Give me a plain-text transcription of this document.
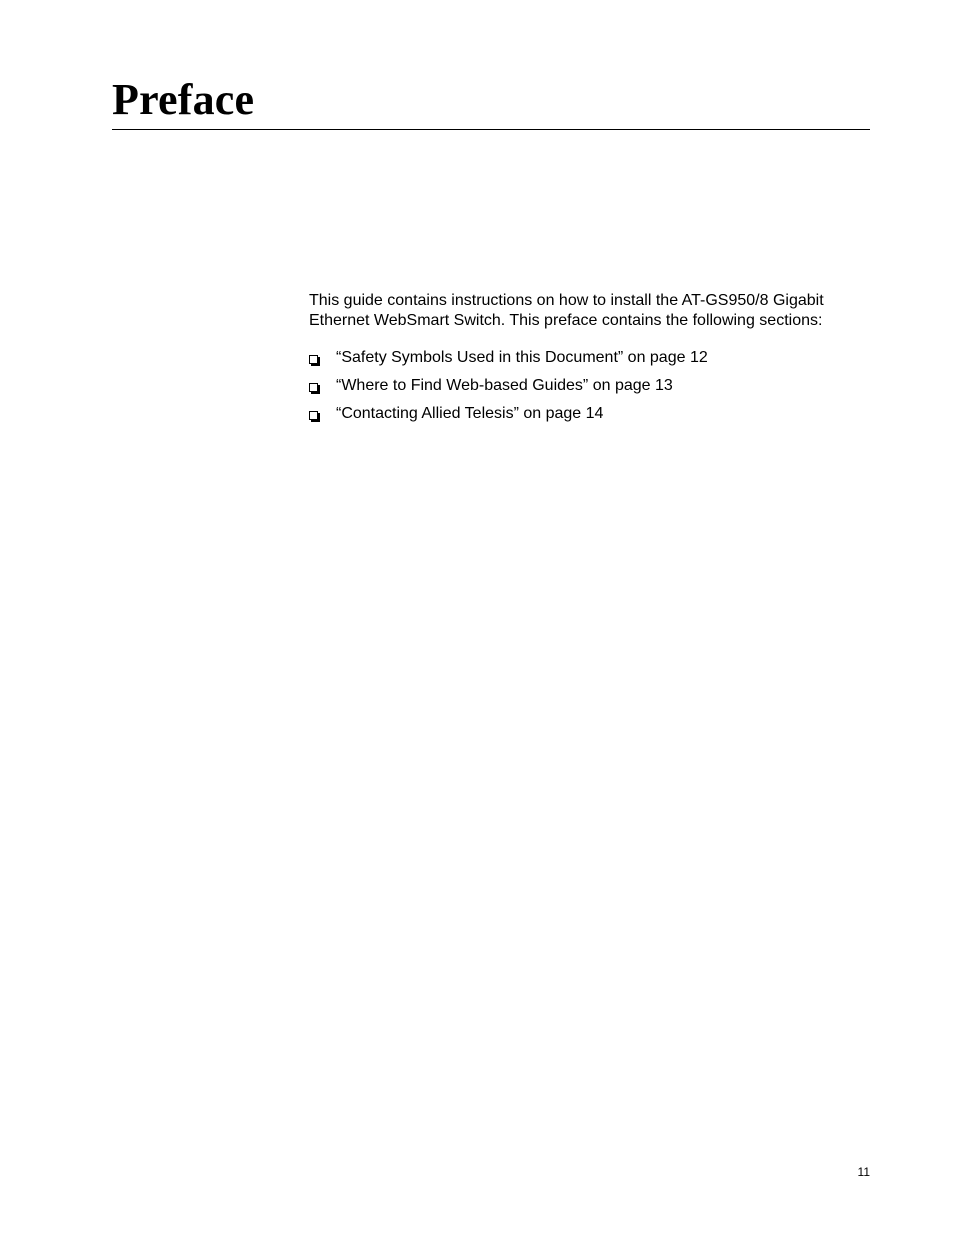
Preface

This guide contains instructions on how to install the AT-GS950/8 Gigabit Ethernet WebSmart Switch. This preface contains the following sections:

“Safety Symbols Used in this Document” on page 12
“Where to Find Web-based Guides” on page 13
“Contacting Allied Telesis” on page 14

11
